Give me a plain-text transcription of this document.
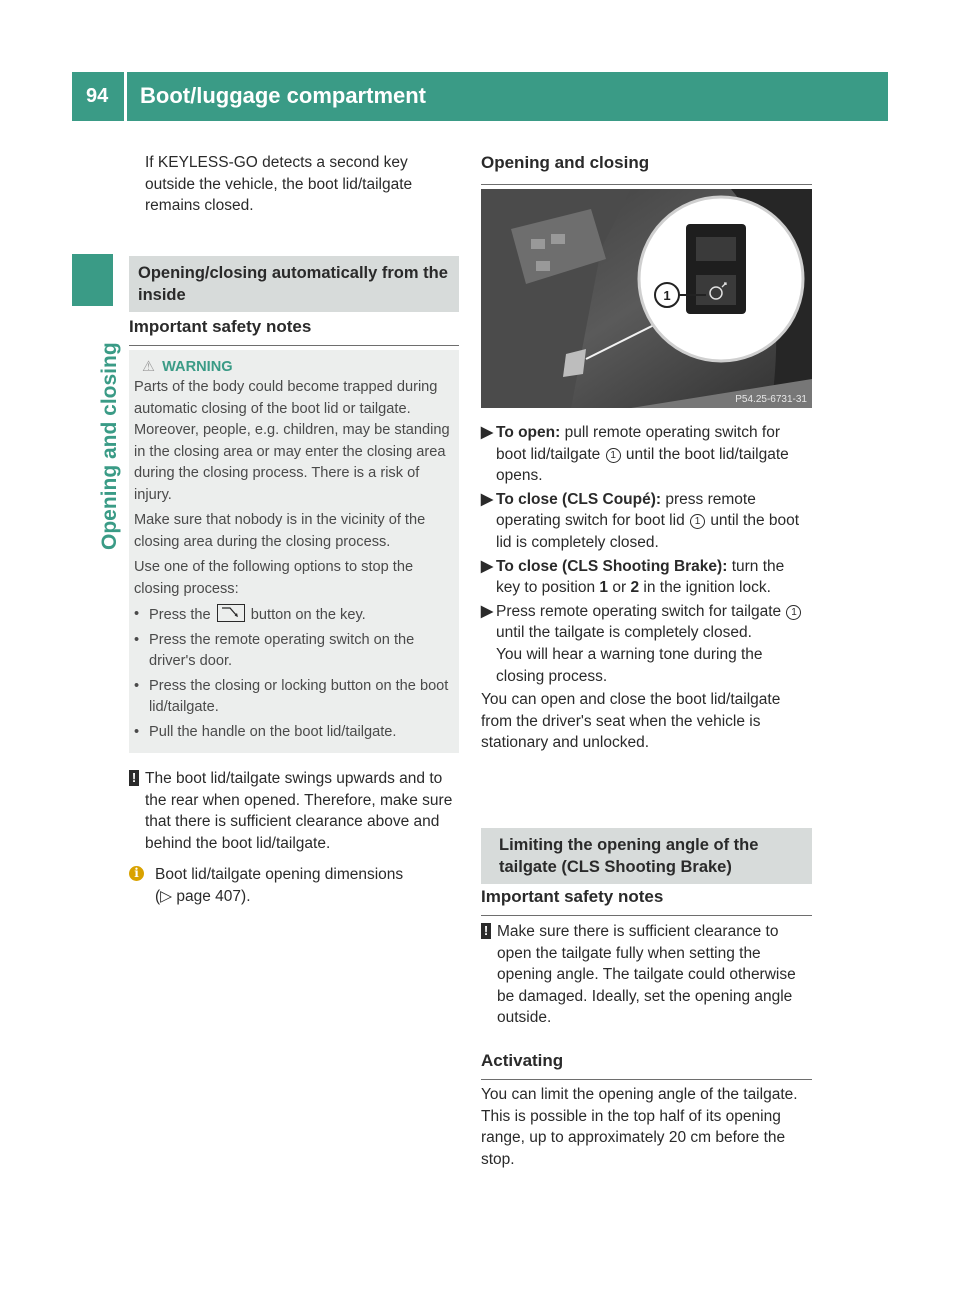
94 Boot/luggage compartment
Opening and closing

If KEYLESS-GO detects a second key outside the vehicle, the boot lid/tailgate remains closed.

Opening/closing automatically from the inside
Important safety notes
⚠ WARNING

Parts of the body could become trapped during automatic closing of the boot lid or tailgate. Moreover, people, e.g. children, may be standing in the closing area or may enter the closing area during the closing process. There is a risk of injury.

Make sure that nobody is in the vicinity of the closing area during the closing process.

Use one of the following options to stop the closing process:

• Press the	button on the key.

• Press the remote operating switch on the driver's door.

• Press the closing or locking button on the boot lid/tailgate.

• Pull the handle on the boot lid/tailgate.

! The boot lid/tailgate swings upwards and to the rear when opened. Therefore, make sure that there is sufficient clearance above and behind the boot lid/tailgate.

i	Boot lid/tailgate opening dimensions
(▷ page 407).

Opening and closing
1
P54.25-6731-31

▶ To open: pull remote operating switch for boot lid/tailgate 1 until the boot lid/tailgate opens.

▶ To close (CLS Coupé): press remote operating switch for boot lid 1 until the boot lid is completely closed.

▶ To close (CLS Shooting Brake): turn the key to position 1 or 2 in the ignition lock.

▶ Press remote operating switch for tailgate 1 until the tailgate is completely closed.
You will hear a warning tone during the closing process.

You can open and close the boot lid/tailgate from the driver's seat when the vehicle is stationary and unlocked.

Limiting the opening angle of the tailgate (CLS Shooting Brake)
Important safety notes

! Make sure there is sufficient clearance to open the tailgate fully when setting the opening angle. The tailgate could otherwise be damaged. Ideally, set the opening angle outside.

Activating

You can limit the opening angle of the tailgate. This is possible in the top half of its opening range, up to approximately 20 cm before the stop.
